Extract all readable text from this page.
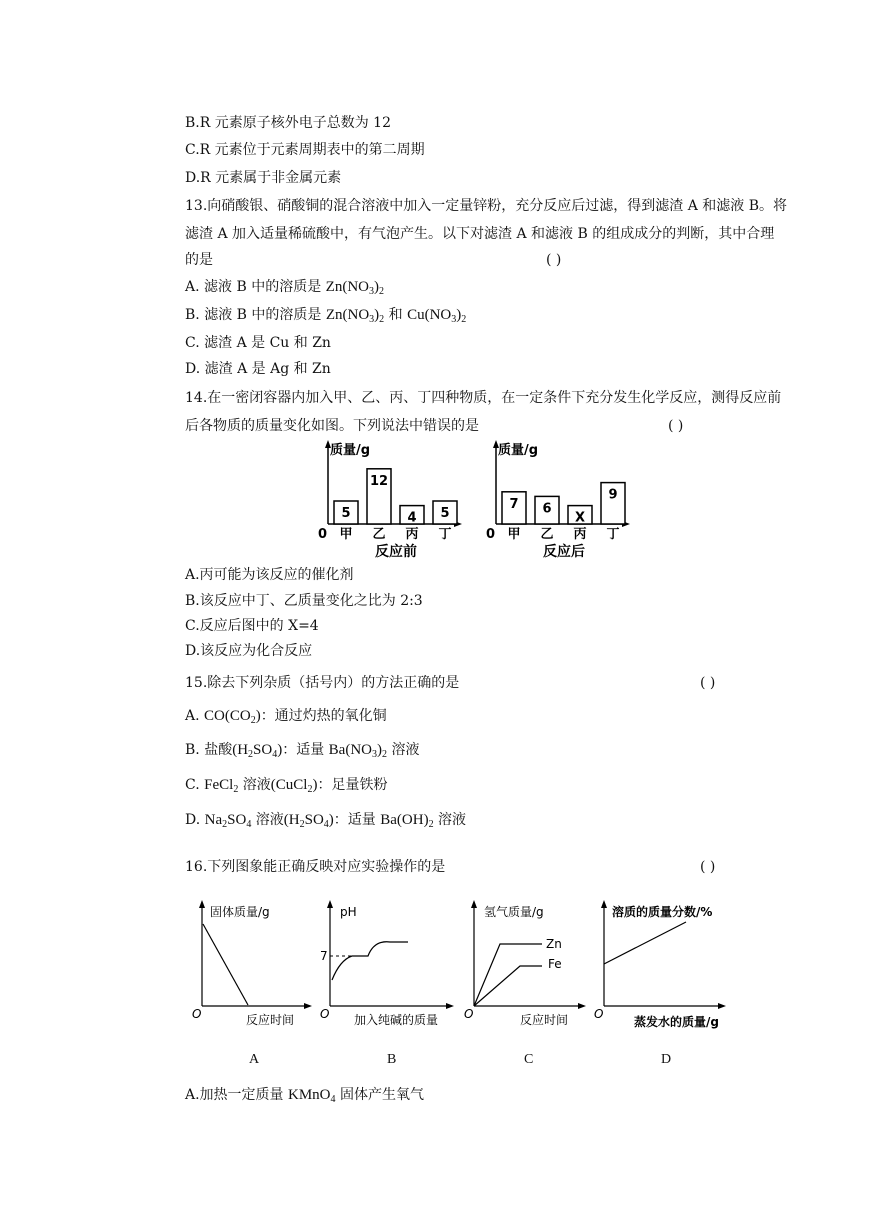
B.R 元素原子核外电子总数为 12
C.R 元素位于元素周期表中的第二周期
D.R 元素属于非金属元素
13.向硝酸银、硝酸铜的混合溶液中加入一定量锌粉，充分反应后过滤，得到滤渣 A 和滤液 B。将
滤渣 A 加入适量稀硫酸中，有气泡产生。以下对滤渣 A 和滤液 B 的组成成分的判断，其中合理
的是	( )
A. 滤液 B 中的溶质是 $Zn(NO_3)_2$
B. 滤液 B 中的溶质是 $Zn(NO_3)_2$ 和 $Cu(NO_3)_2$
C. 滤渣 A 是 Cu 和 Zn
D. 滤渣 A 是 Ag 和 Zn
14.在一密闭容器内加入甲、乙、丙、丁四种物质，在一定条件下充分发生化学反应，测得反应前
后各物质的质量变化如图。下列说法中错误的是	( )
质量/g
0
5
甲
12
乙
4
丙
5
丁
反应前
质量/g
0
7
甲
6
乙
X
丙
9
丁
反应后
A.丙可能为该反应的催化剂
B.该反应中丁、乙质量变化之比为 2:3
C.反应后图中的 X=4
D.该反应为化合反应
15.除去下列杂质（括号内）的方法正确的是	( )
A. $CO(CO_2)$：通过灼热的氧化铜
B. 盐酸$(H_2SO_4)$：适量 $Ba(NO_3)_2$ 溶液
C. FeCl$_2$ 溶液(CuCl$_2$)：足量铁粉
D. $Na_2SO_4$ 溶液$(H_2SO_4)$：适量 $Ba(OH)_2$ 溶液
16.下列图象能正确反映对应实验操作的是	( )
固体质量/g
O	反应时间
A
pH
7
O 加入纯碱的质量
B
氢气质量/g
Zn
Fe
O	反应时间
C
溶质的质量分数/%
O
蒸发水的质量/g
D
A.加热一定质量 KMnO$_4$ 固体产生氧气
